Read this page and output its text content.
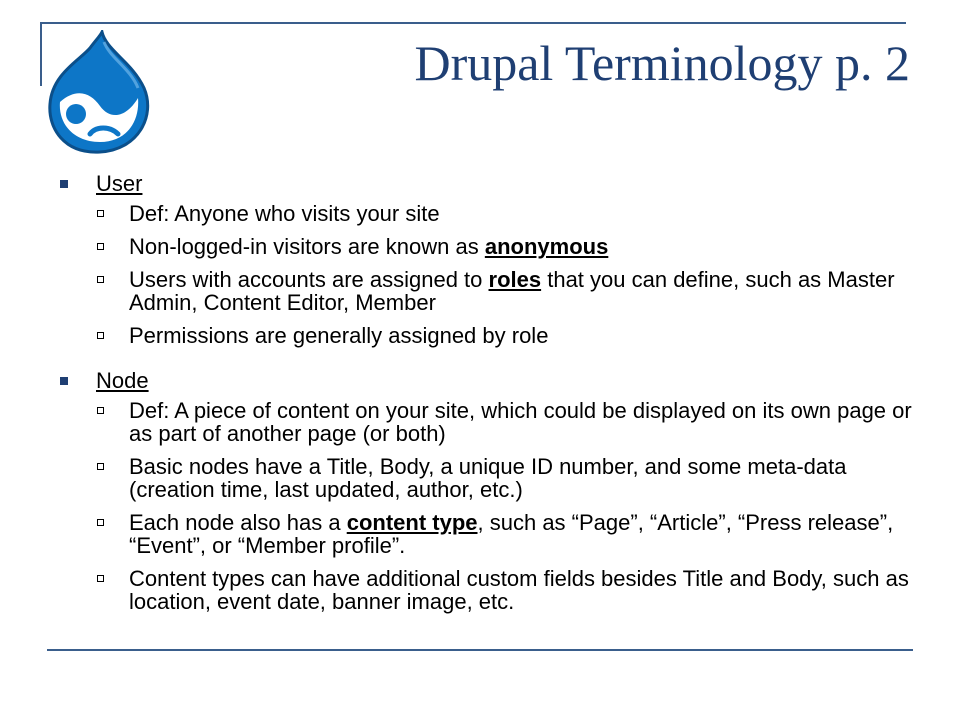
Drupal Terminology p. 2
User
Def: Anyone who visits your site
Non-logged-in visitors are known as anonymous
Users with accounts are assigned to roles that you can define, such as Master Admin, Content Editor, Member
Permissions are generally assigned by role
Node
Def: A piece of content on your site, which could be displayed on its own page or as part of another page (or both)
Basic nodes have a Title, Body, a unique ID number, and some meta-data (creation time, last updated, author, etc.)
Each node also has a content type, such as “Page”, “Article”, “Press release”, “Event”, or “Member profile”.
Content types can have additional custom fields besides Title and Body, such as location, event date, banner image, etc.
